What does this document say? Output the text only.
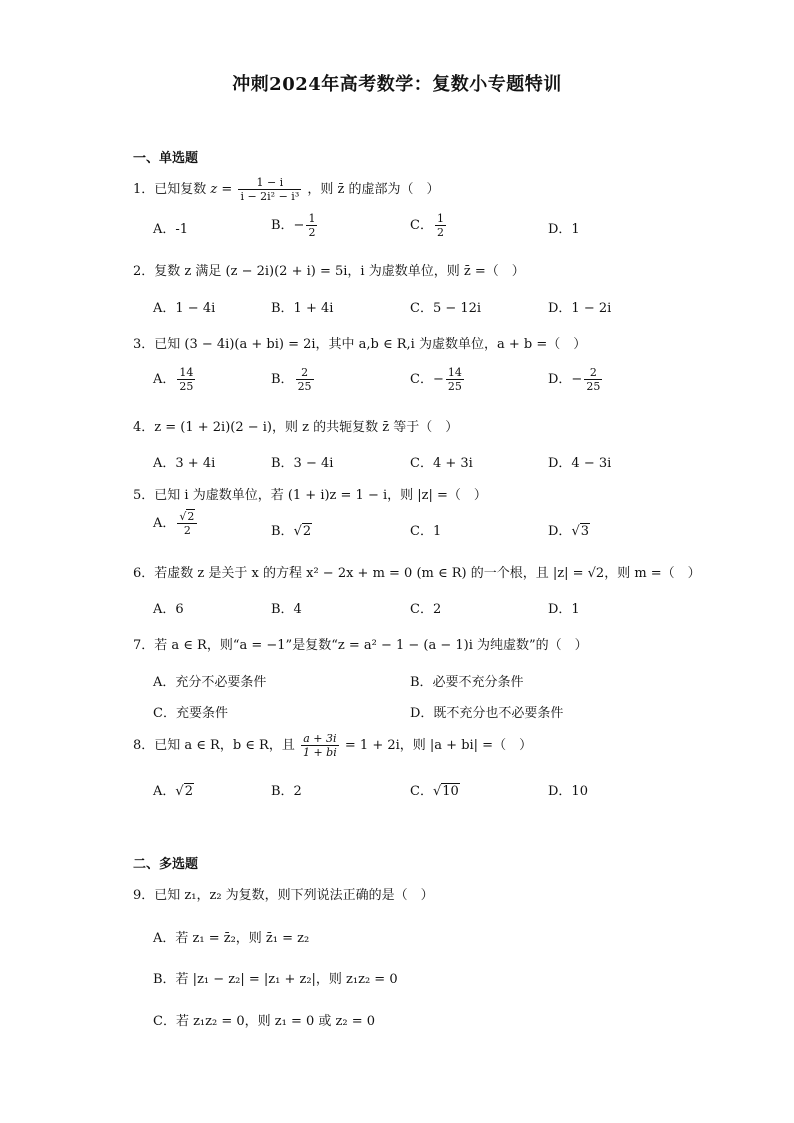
冲刺2024年高考数学：复数小专题特训
一、单选题
1．已知复数 $z = \frac{1 - i}{\text{i − 2i² − i³}}$ ，则 z̄ 的虚部为（　）
A．-1	B．− $\frac{1}{2}$	C． $\frac{1}{2}$	D．1
2．复数 z 满足 (z − 2i)(2 + i) = 5i，i 为虚数单位，则 z̄ =（　）
A．1 − 4i	B．1 + 4i	C．5 − 12i	D．1 − 2i
3．已知 (3 − 4i)(a + bi) = 2i，其中 a,b ∈ R,i 为虚数单位，a + b =（　）
A． $\frac{14}{25}$	B． $\frac{2}{25}$	C．− $\frac{14}{25}$	D．− $\frac{2}{25}$
4．z = (1 + 2i)(2 − i)，则 z 的共轭复数 z̄ 等于（　）
A．3 + 4i	B．3 − 4i	C．4 + 3i	D．4 − 3i
5．已知 i 为虚数单位，若 (1 + i)z = 1 − i，则 |z| =（　）
A． $\frac{√2}{2}$	B．√2	C．1	D．√3
6．若虚数 z 是关于 x 的方程 x² − 2x + m = 0 (m ∈ R) 的一个根，且 |z| = √2，则 m =（　）
A．6	B．4	C．2	D．1
7．若 a ∈ R，则“a = −1”是复数“z = a² − 1 − (a − 1)i 为纯虚数”的（　）
A．充分不必要条件	B．必要不充分条件
C．充要条件	D．既不充分也不必要条件
8．已知 a ∈ R，b ∈ R，且 $\frac{a + 3i}{1 + bi} = 1 + 2i$，则 |a + bi| =（　）
A．√2	B．2	C．√10	D．10
二、多选题
9．已知 z₁，z₂ 为复数，则下列说法正确的是（　）
A．若 z₁ = z̄₂，则 z̄₁ = z₂
B．若 |z₁ − z₂| = |z₁ + z₂|，则 z₁z₂ = 0
C．若 z₁z₂ = 0，则 z₁ = 0 或 z₂ = 0
